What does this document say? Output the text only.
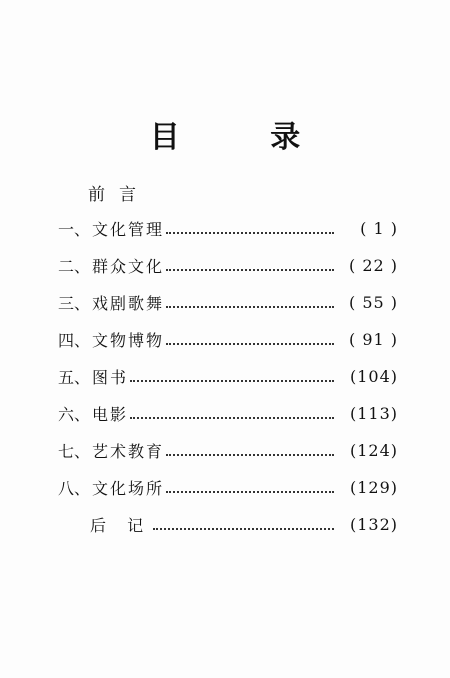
目 录
前言
一、 文化管理	( 1 )
二、 群众文化	( 22 )
三、 戏剧歌舞	( 55 )
四、 文物博物	( 91 )
五、 图书	(104)
六、 电影	(113)
七、 艺术教育	(124)
八、 文化场所	(129)
后 记	(132)
